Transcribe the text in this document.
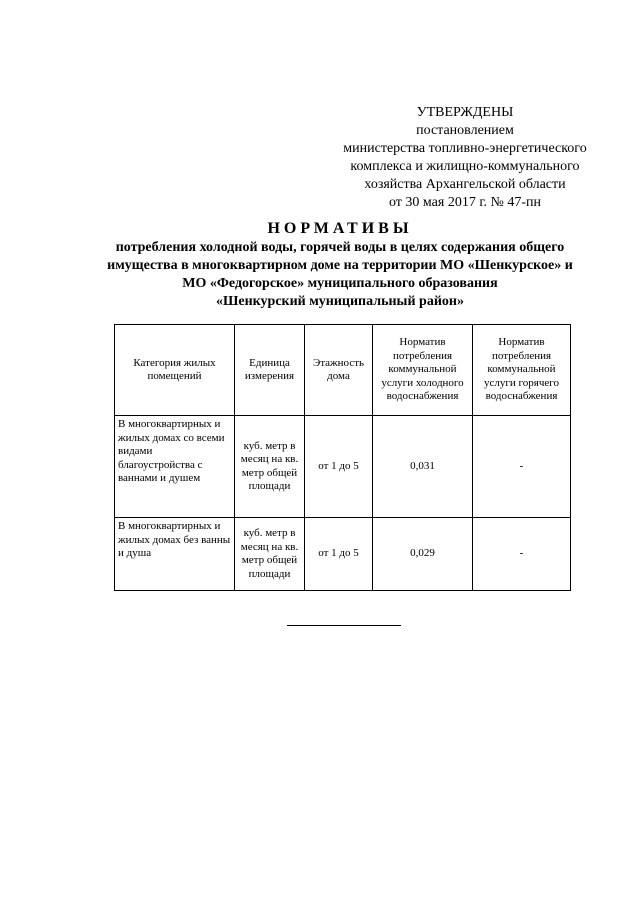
УТВЕРЖДЕНЫ
постановлением
министерства топливно-энергетического
комплекса и жилищно-коммунального
хозяйства Архангельской области
от 30 мая 2017 г. № 47-пн
НОРМАТИВЫ
потребления холодной воды, горячей воды в целях содержания общего
имущества в многоквартирном доме на территории МО «Шенкурское» и
МО «Федогорское» муниципального образования
«Шенкурский муниципальный район»
Категория жилых помещений	Единица измерения	Этажность дома	Норматив потребления коммунальной услуги холодного водоснабжения	Норматив потребления коммунальной услуги горячего водоснабжения
В многоквартирных и жилых домах со всеми видами благоустройства с ваннами и душем	куб. метр в месяц на кв. метр общей площади	от 1 до 5	0,031	-
В многоквартирных и жилых домах без ванны и душа	куб. метр в месяц на кв. метр общей площади	от 1 до 5	0,029	-
